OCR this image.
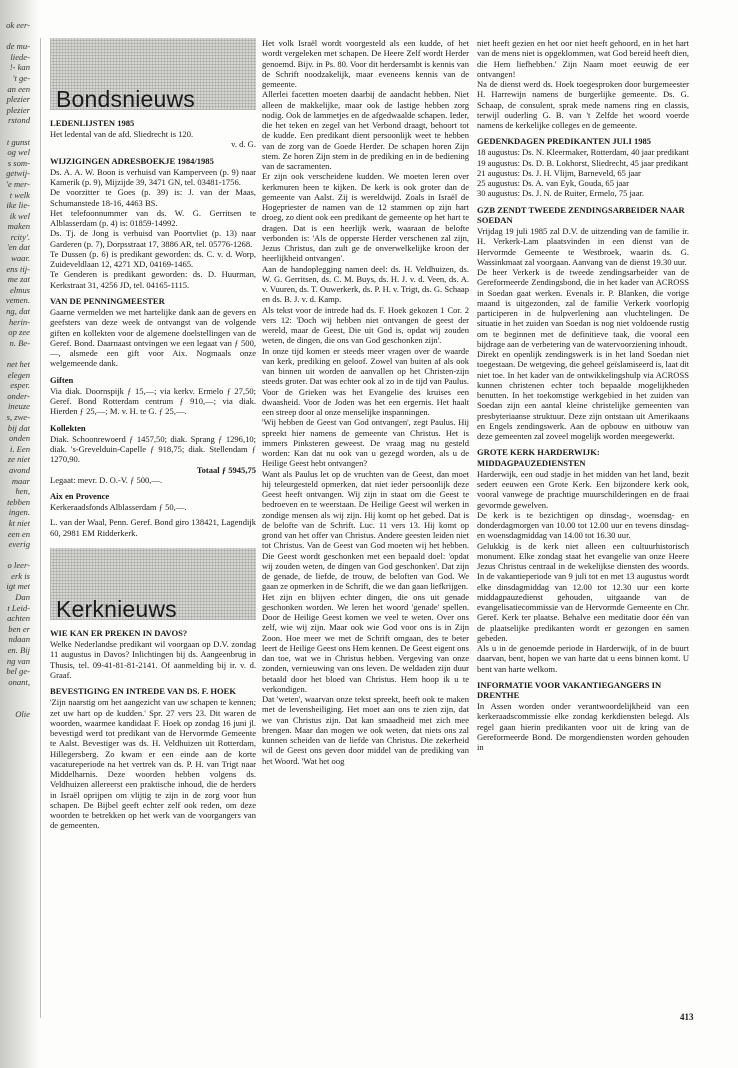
ok eer-

de mu-
liede-
!- kan
't ge-
an een
plezier
plezier
rstond

t gunst
og wel
s som-
getwij-
'e mer-
t welk
ike lie-
ik wel
maken
rcity'.
'en dat
waar.
ens tij-
me zat
elmus
vemen.
ng, dat
herin-
op zee
n. Be-

net het
elegen
esper.
onder-
ineuze
s, zwe-
bij dat
onden
i. Een
ze niet
avond
maar
hen,
tebben
ingen.
kt niet
een en
everig

o leer-
erk is
igt met
Dan
t Leid-
achten
ben er
ndaan
en. Bij
ng van
bel ge-
onant,

Olie
Bondsnieuws
LEDENLIJSTEN 1985

Het ledental van de afd. Sliedrecht is 120.

v. d. G.

WIJZIGINGEN ADRESBOEKJE 1984/1985

Ds. A. A. W. Boon is verhuisd van Kamperveen (p. 9) naar Kamerik (p. 9), Mijzijde 39, 3471 GN, tel. 03481-1756.

De voorzitter te Goes (p. 39) is: J. van der Maas, Schumanstede 18-16, 4463 BS.

Het telefoonnummer van ds. W. G. Gerritsen te Alblasserdam (p. 4) is: 01859-14992.

Ds. Tj. de Jong is verhuisd van Poortvliet (p. 13) naar Garderen (p. 7), Dorpsstraat 17, 3886 AR, tel. 05776-1268.

Te Dussen (p. 6) is predikant geworden: ds. C. v. d. Worp, Zuideveldlaan 12, 4271 XD, 04169-1465.

Te Genderen is predikant geworden: ds. D. Huurman, Kerkstraat 31, 4256 JD, tel. 04165-1115.

VAN DE PENNINGMEESTER

Gaarne vermelden we met hartelijke dank aan de gevers en geefsters van deze week de ontvangst van de volgende giften en kollekten voor de algemene doelstellingen van de Geref. Bond. Daarnaast ontvingen we een legaat van ƒ 500,—, alsmede een gift voor Aix. Nogmaals onze welgemeende dank.

Giften

Via diak. Doornspijk ƒ 15,—; via kerkv. Ermelo ƒ 27,50; Geref. Bond Rotterdam centrum ƒ 910,—; via diak. Hierden ƒ 25,—; M. v. H. te G. ƒ 25,—.

Kollekten

Diak. Schoonrewoerd ƒ 1457,50; diak. Sprang ƒ 1296,10; diak. 's-Grevelduin-Capelle ƒ 918,75; diak. Stellendam ƒ 1270,90.

Totaal ƒ 5945,75

Legaat: mevr. D. O.-V. ƒ 500,—.

Aix en Provence

Kerkeraadsfonds Alblasserdam ƒ 50,—.

L. van der Waal, Penn. Geref. Bond giro 138421, Lagendijk 60, 2981 EM Ridderkerk.

Kerknieuws
WIE KAN ER PREKEN IN DAVOS?

Welke Nederlandse predikant wil voorgaan op D.V. zondag 11 augustus in Davos? Inlichtingen bij ds. Aangeenbrug in Thusis, tel. 09-41-81-81-2141. Of aanmelding bij ir. v. d. Graaf.

BEVESTIGING EN INTREDE VAN DS. F. HOEK

'Zijn naarstig om het aangezicht van uw schapen te kennen; zet uw hart op de kudden.' Spr. 27 vers 23. Dit waren de woorden, waarmee kandidaat F. Hoek op zondag 16 juni jl. bevestigd werd tot predikant van de Hervormde Gemeente te Aalst. Bevestiger was ds. H. Veldhuizen uit Rotterdam, Hillegersberg. Zo kwam er een einde aan de korte vacatureperiode na het vertrek van ds. P. H. van Trigt naar Middelharnis. Deze woorden hebben volgens ds. Veldhuizen allereerst een praktische inhoud, die de herders in Israël oprijpen om vlijtig te zijn in de zorg voor hun schapen. De Bijbel geeft echter zelf ook reden, om deze woorden te betrekken op het werk van de voorgangers van de gemeenten.

Het volk Israël wordt voorgesteld als een kudde, of het wordt vergeleken met schapen. De Heere Zelf wordt Herder genoemd. Bijv. in Ps. 80. Voor dit herdersambt is kennis van de Schrift noodzakelijk, maar eveneens kennis van de gemeente.

Allerlei facetten moeten daarbij de aandacht hebben. Niet alleen de makkelijke, maar ook de lastige hebben zorg nodig. Ook de lammetjes en de afgedwaalde schapen. Ieder, die het teken en zegel van het Verbond draagt, behoort tot de kudde. Een predikant dient persoonlijk weet te hebben van de zorg van de Goede Herder. De schapen horen Zijn stem. Ze horen Zijn stem in de prediking en in de bediening van de sacramenten.

Er zijn ook verscheidene kudden. We moeten leren over kerkmuren heen te kijken. De kerk is ook groter dan de gemeente van Aalst. Zij is wereldwijd. Zoals in Israël de Hogepriester de namen van de 12 stammen op zijn hart droeg, zo dient ook een predikant de gemeente op het hart te dragen. Dat is een heerlijk werk, waaraan de belofte verbonden is: 'Als de opperste Herder verschenen zal zijn, Jezus Christus, dan zult ge de onverwelkelijke kroon der heerlijkheid ontvangen'.

Aan de handoplegging namen deel: ds. H. Veldhuizen, ds. W. G. Gerritsen, ds. C. M. Buys, ds. H. J. v. d. Veen, ds. A. v. Vuuren, ds. T. Ouwerkerk, ds. P. H. v. Trigt, ds. G. Schaap en ds. B. J. v. d. Kamp.

Als tekst voor de intrede had ds. F. Hoek gekozen 1 Cor. 2 vers 12: 'Doch wij hebben niet ontvangen de geest der wereld, maar de Geest, Die uit God is, opdat wij zouden weten, de dingen, die ons van God geschonken zijn'.

In onze tijd komen er steeds meer vragen over de waarde van kerk, prediking en geloof. Zowel van buiten af als ook van binnen uit worden de aanvallen op het Christen-zijn steeds groter. Dat was echter ook al zo in de tijd van Paulus. Voor de Grieken was het Evangelie des kruises een dwaasheid. Voor de Joden was het een ergernis. Het haalt een streep door al onze menselijke inspanningen.

'Wij hebben de Geest van God ontvangen', zegt Paulus. Hij spreekt hier namens de gemeente van Christus. Het is immers Pinksteren geweest. De vraag mag nu gesteld worden: Kan dat nu ook van u gezegd worden, als u de Heilige Geest hebt ontvangen?

Want als Paulus let op de vruchten van de Geest, dan moet hij teleurgesteld opmerken, dat niet ieder persoonlijk deze Geest heeft ontvangen. Wij zijn in staat om die Geest te bedroeven en te weerstaan. De Heilige Geest wil werken in zondige mensen als wij zijn. Hij komt op het gebed. Dat is de belofte van de Schrift. Luc. 11 vers 13. Hij komt op grond van het offer van Christus. Andere geesten leiden niet tot Christus. Van de Geest van God moeten wij het hebben. Die Geest wordt geschonken met een bepaald doel: 'opdat wij zouden weten, de dingen van God geschonken'. Dat zijn de genade, de liefde, de trouw, de beloften van God. We gaan ze opmerken in de Schrift, die we dan gaan liefkrijgen.

Het zijn en blijven echter dingen, die ons uit genade geschonken worden. We leren het woord 'genade' spellen. Door de Heilige Geest komen we veel te weten. Over ons zelf, wie wij zijn. Maar ook wie God voor ons is in Zijn Zoon. Hoe meer we met de Schrift omgaan, des te beter leert de Heilige Geest ons Hem kennen. De Geest eigent ons dan toe, wat we in Christus hebben. Vergeving van onze zonden, vernieuwing van ons leven. De weldaden zijn duur betaald door het bloed van Christus. Hem hoop ik u te verkondigen.

Dat 'weten', waarvan onze tekst spreekt, heeft ook te maken met de levensheiliging. Het moet aan ons te zien zijn, dat we van Christus zijn. Dat kan smaadheid met zich mee brengen. Maar dan mogen we ook weten, dat niets ons zal kunnen scheiden van de liefde van Christus. Die zekerheid wil de Geest ons geven door middel van de prediking van het Woord. 'Wat het oog

niet heeft gezien en het oor niet heeft gehoord, en in het hart van de mens niet is opgeklommen, wat God bereid heeft dien, die Hem liefhebben.' Zijn Naam moet eeuwig de eer ontvangen!

Na de dienst werd ds. Hoek toegesproken door burgemeester H. Harrewijn namens de burgerlijke gemeente. Ds. G. Schaap, de consulent, sprak mede namens ring en classis, terwijl ouderling G. B. van 't Zelfde het woord voerde namens de kerkelijke colleges en de gemeente.

GEDENKDAGEN PREDIKANTEN JULI 1985

18 augustus: Ds. N. Kleermaker, Rotterdam, 40 jaar predikant

19 augustus: Ds. D. B. Lokhorst, Sliedrecht, 45 jaar predikant

21 augustus: Ds. J. H. Vlijm, Barneveld, 65 jaar

25 augustus: Ds. A. van Eyk, Gouda, 65 jaar

30 augustus: Ds. J. N. de Ruiter, Ermelo, 75 jaar.

GZB ZENDT TWEEDE ZENDINGSARBEIDER NAAR SOEDAN

Vrijdag 19 juli 1985 zal D.V. de uitzending van de familie ir. H. Verkerk-Lam plaatsvinden in een dienst van de Hervormde Gemeente te Westbroek, waarin ds. G. Wassinkmaat zal voorgaan. Aanvang van de dienst 19.30 uur.

De heer Verkerk is de tweede zendingsarbeider van de Gereformeerde Zendingsbond, die in het kader van ACROSS in Soedan gaat werken. Evenals ir. P. Blanken, die vorige maand is uitgezonden, zal de familie Verkerk voorlopig participeren in de hulpverlening aan vluchtelingen. De situatie in het zuiden van Soedan is nog niet voldoende rustig om te beginnen met de definitieve taak, die vooral een bijdrage aan de verbetering van de watervoorziening inhoudt.

Direkt en openlijk zendingswerk is in het land Soedan niet toegestaan. De wetgeving, die geheel geïslamiseerd is, laat dit niet toe. In het kader van de ontwikkelingshulp via ACROSS kunnen christenen echter toch bepaalde mogelijkheden benutten. In het toekomstige werkgebied in het zuiden van Soedan zijn een aantal kleine christelijke gemeenten van presbyteriaanse struktuur. Deze zijn ontstaan uit Amerikaans en Engels zendingswerk. Aan de opbouw en uitbouw van deze gemeenten zal zoveel mogelijk worden meegewerkt.

GROTE KERK HARDERWIJK: MIDDAGPAUZEDIENSTEN

Harderwijk, een oud stadje in het midden van het land, bezit sedert eeuwen een Grote Kerk. Een bijzondere kerk ook, vooral vanwege de prachtige muurschilderingen en de fraai gevormde gewelven.

De kerk is te bezichtigen op dinsdag-, woensdag- en donderdagmorgen van 10.00 tot 12.00 uur en tevens dinsdag- en woensdagmiddag van 14.00 tot 16.30 uur.

Gelukkig is de kerk niet alleen een cultuurhistorisch monument. Elke zondag staat het evangelie van onze Heere Jezus Christus centraal in de wekelijkse diensten des woords. In de vakantieperiode van 9 juli tot en met 13 augustus wordt elke dinsdagmiddag van 12.00 tot 12.30 uur een korte middagpauzedienst gehouden, uitgaande van de evangelisatiecommissie van de Hervormde Gemeente en Chr. Geref. Kerk ter plaatse. Behalve een meditatie door één van de plaatselijke predikanten wordt er gezongen en samen gebeden.

Als u in de genoemde periode in Harderwijk, of in de buurt daarvan, bent, hopen we van harte dat u eens binnen komt. U bent van harte welkom.

INFORMATIE VOOR VAKANTIEGANGERS IN DRENTHE

In Assen worden onder verantwoordelijkheid van een kerkeraadscommissie elke zondag kerkdiensten belegd. Als regel gaan hierin predikanten voor uit de kring van de Gereformeerde Bond. De morgendiensten worden gehouden in

413
